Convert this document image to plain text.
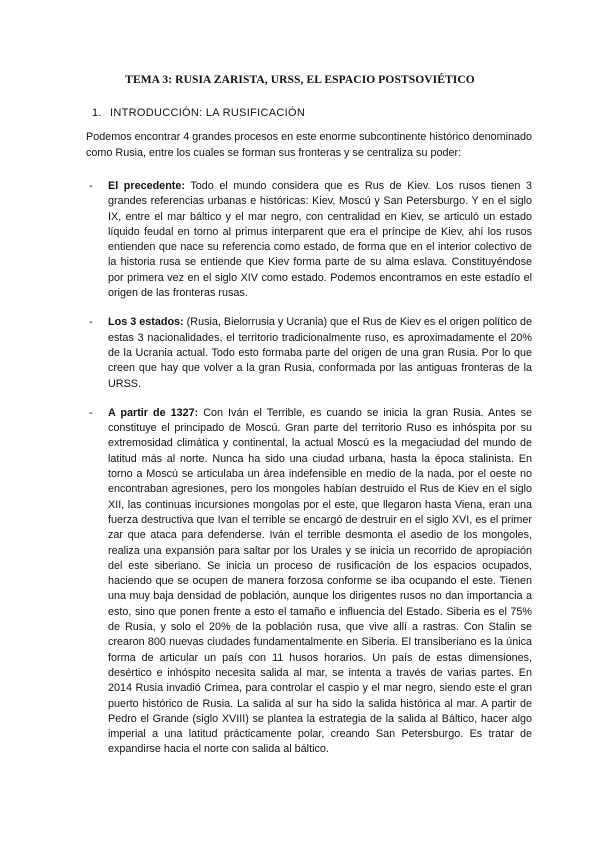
TEMA 3: RUSIA ZARISTA, URSS, EL ESPACIO POSTSOVIÉTICO
1. INTRODUCCIÓN: LA RUSIFICACIÓN
Podemos encontrar 4 grandes procesos en este enorme subcontinente histórico denominado como Rusia, entre los cuales se forman sus fronteras y se centraliza su poder:
- El precedente: Todo el mundo considera que es Rus de Kiev. Los rusos tienen 3 grandes referencias urbanas e históricas: Kiev, Moscú y San Petersburgo. Y en el siglo IX, entre el mar báltico y el mar negro, con centralidad en Kiev, se articuló un estado líquido feudal en torno al primus interparent que era el príncipe de Kiev, ahí los rusos entienden que nace su referencia como estado, de forma que en el interior colectivo de la historia rusa se entiende que Kiev forma parte de su alma eslava. Constituyéndose por primera vez en el siglo XIV como estado. Podemos encontramos en este estadío el origen de las fronteras rusas.
- Los 3 estados: (Rusia, Bielorrusia y Ucrania) que el Rus de Kiev es el origen político de estas 3 nacionalidades, el territorio tradicionalmente ruso, es aproximadamente el 20% de la Ucrania actual. Todo esto formaba parte del origen de una gran Rusia. Por lo que creen que hay que volver a la gran Rusia, conformada por las antiguas fronteras de la URSS.
- A partir de 1327: Con Iván el Terrible, es cuando se inicia la gran Rusia. Antes se constituye el principado de Moscú. Gran parte del territorio Ruso es inhóspita por su extremosidad climática y continental, la actual Moscú es la megaciudad del mundo de latitud más al norte. Nunca ha sido una ciudad urbana, hasta la época stalinista. En torno a Moscú se articulaba un área indefensible en medio de la nada, por el oeste no encontraban agresiones, pero los mongoles habían destruido el Rus de Kiev en el siglo XII, las continuas incursiones mongolas por el este, que llegaron hasta Viena, eran una fuerza destructiva que Ivan el terrible se encargó de destruir en el siglo XVI, es el primer zar que ataca para defenderse. Iván el terrible desmonta el asedio de los mongoles, realiza una expansión para saltar por los Urales y se inicia un recorrido de apropiación del este siberiano. Se inicia un proceso de rusificación de los espacios ocupados, haciendo que se ocupen de manera forzosa conforme se iba ocupando el este. Tienen una muy baja densidad de población, aunque los dirigentes rusos no dan importancia a esto, sino que ponen frente a esto el tamaño e influencia del Estado. Siberia es el 75% de Rusia, y solo el 20% de la población rusa, que vive allí a rastras. Con Stalin se crearon 800 nuevas ciudades fundamentalmente en Siberia. El transiberiano es la única forma de articular un país con 11 husos horarios. Un país de estas dimensiones, desértico e inhóspito necesita salida al mar, se intenta a través de varias partes. En 2014 Rusia invadió Crimea, para controlar el caspio y el mar negro, siendo este el gran puerto histórico de Rusia. La salida al sur ha sido la salida histórica al mar. A partir de Pedro el Grande (siglo XVIII) se plantea la estrategia de la salida al Báltico, hacer algo imperial a una latitud prácticamente polar, creando San Petersburgo. Es tratar de expandirse hacia el norte con salida al báltico.
